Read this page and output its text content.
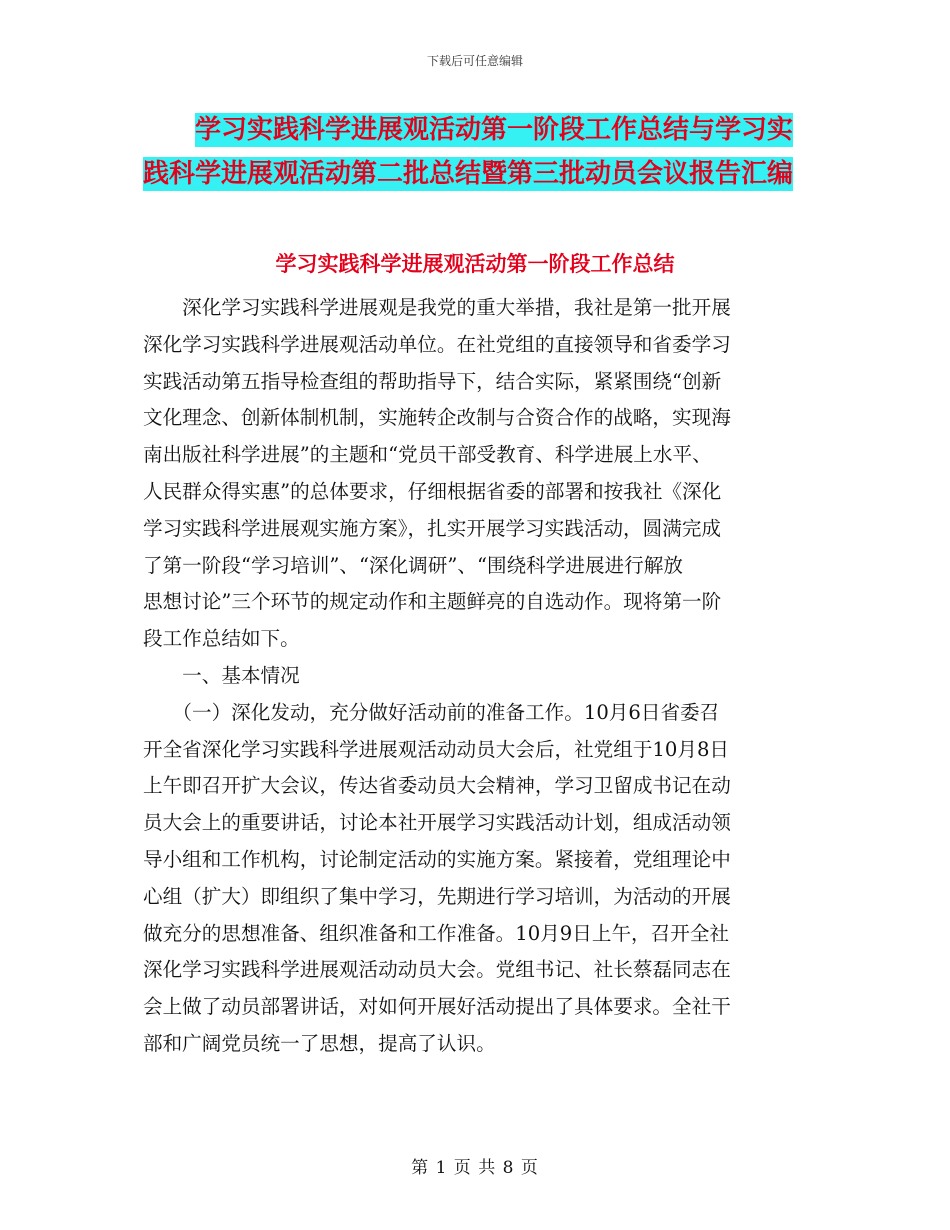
下载后可任意编辑
学习实践科学进展观活动第一阶段工作总结与学习实
践科学进展观活动第二批总结暨第三批动员会议报告汇编
学习实践科学进展观活动第一阶段工作总结
　　深化学习实践科学进展观是我党的重大举措，我社是第一批开展
深化学习实践科学进展观活动单位。在社党组的直接领导和省委学习
实践活动第五指导检查组的帮助指导下，结合实际，紧紧围绕“创新
文化理念、创新体制机制，实施转企改制与合资合作的战略，实现海
南出版社科学进展”的主题和“党员干部受教育、科学进展上水平、
人民群众得实惠”的总体要求，仔细根据省委的部署和按我社《深化
学习实践科学进展观实施方案》，扎实开展学习实践活动，圆满完成
了第一阶段“学习培训”、“深化调研”、“围绕科学进展进行解放
思想讨论”三个环节的规定动作和主题鲜亮的自选动作。现将第一阶
段工作总结如下。
　　一、基本情况
　　（一）深化发动，充分做好活动前的准备工作。10月6日省委召
开全省深化学习实践科学进展观活动动员大会后，社党组于10月8日
上午即召开扩大会议，传达省委动员大会精神，学习卫留成书记在动
员大会上的重要讲话，讨论本社开展学习实践活动计划，组成活动领
导小组和工作机构，讨论制定活动的实施方案。紧接着，党组理论中
心组（扩大）即组织了集中学习，先期进行学习培训，为活动的开展
做充分的思想准备、组织准备和工作准备。10月9日上午，召开全社
深化学习实践科学进展观活动动员大会。党组书记、社长蔡磊同志在
会上做了动员部署讲话，对如何开展好活动提出了具体要求。全社干
部和广阔党员统一了思想，提高了认识。
第 1 页 共 8 页
